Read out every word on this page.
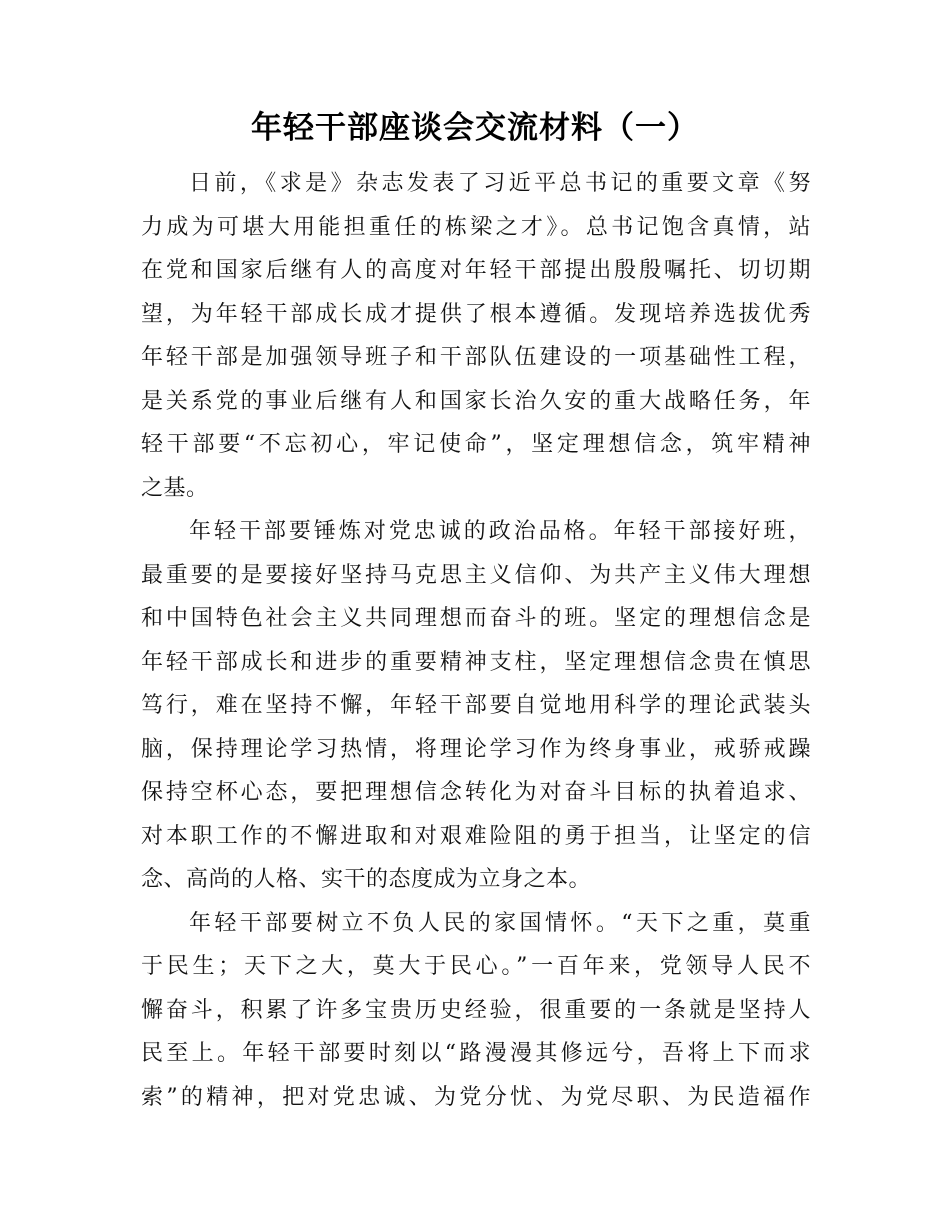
年轻干部座谈会交流材料（一）
日前，《求是》杂志发表了习近平总书记的重要文章《努
力成为可堪大用能担重任的栋梁之才》。总书记饱含真情，站
在党和国家后继有人的高度对年轻干部提出殷殷嘱托、切切期
望，为年轻干部成长成才提供了根本遵循。发现培养选拔优秀
年轻干部是加强领导班子和干部队伍建设的一项基础性工程，
是关系党的事业后继有人和国家长治久安的重大战略任务，年
轻干部要“不忘初心，牢记使命”，坚定理想信念，筑牢精神
之基。
年轻干部要锤炼对党忠诚的政治品格。年轻干部接好班，
最重要的是要接好坚持马克思主义信仰、为共产主义伟大理想
和中国特色社会主义共同理想而奋斗的班。坚定的理想信念是
年轻干部成长和进步的重要精神支柱，坚定理想信念贵在慎思
笃行，难在坚持不懈，年轻干部要自觉地用科学的理论武装头
脑，保持理论学习热情，将理论学习作为终身事业，戒骄戒躁
保持空杯心态，要把理想信念转化为对奋斗目标的执着追求、
对本职工作的不懈进取和对艰难险阻的勇于担当，让坚定的信
念、高尚的人格、实干的态度成为立身之本。
年轻干部要树立不负人民的家国情怀。“天下之重，莫重
于民生；天下之大，莫大于民心。”一百年来，党领导人民不
懈奋斗，积累了许多宝贵历史经验，很重要的一条就是坚持人
民至上。年轻干部要时刻以“路漫漫其修远兮，吾将上下而求
索”的精神，把对党忠诚、为党分忧、为党尽职、为民造福作
